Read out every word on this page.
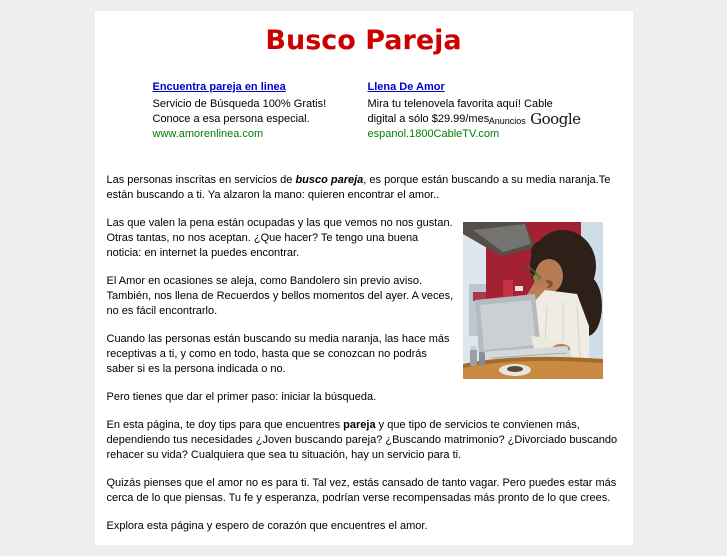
Busco Pareja
Encuentra pareja en linea
Servicio de Búsqueda 100% Gratis! Conoce a esa persona especial.
www.amorenlinea.com
Llena De Amor
Mira tu telenovela favorita aquí! Cable digital a sólo $29.99/mes
espanol.1800CableTV.com
Anuncios Google

Las personas inscritas en servicios de busco pareja, es porque están buscando a su media naranja.Te están buscando a ti. Ya alzaron la mano: quieren encontrar el amor..

Las que valen la pena están ocupadas y las que vemos no nos gustan. Otras tantas, no nos aceptan. ¿Que hacer? Te tengo una buena noticia: en internet la puedes encontrar.

El Amor en ocasiones se aleja, como Bandolero sin previo aviso. También, nos llena de Recuerdos y bellos momentos del ayer. A veces, no es fácil encontrarlo.

Cuando las personas están buscando su media naranja, las hace más receptivas a ti, y como en todo, hasta que se conozcan no podrás saber si es la persona indicada o no.

Pero tienes que dar el primer paso: iniciar la búsqueda.

En esta página, te doy tips para que encuentres pareja y que tipo de servicios te convienen más, dependiendo tus necesidades ¿Joven buscando pareja? ¿Buscando matrimonio? ¿Divorciado buscando rehacer su vida? Cualquiera que sea tu situación, hay un servicio para ti.

Quizás pienses que el amor no es para ti. Tal vez, estás cansado de tanto vagar. Pero puedes estar más cerca de lo que piensas. Tu fe y esperanza, podrían verse recompensadas más pronto de lo que crees.

Explora esta página y espero de corazón que encuentres el amor.
